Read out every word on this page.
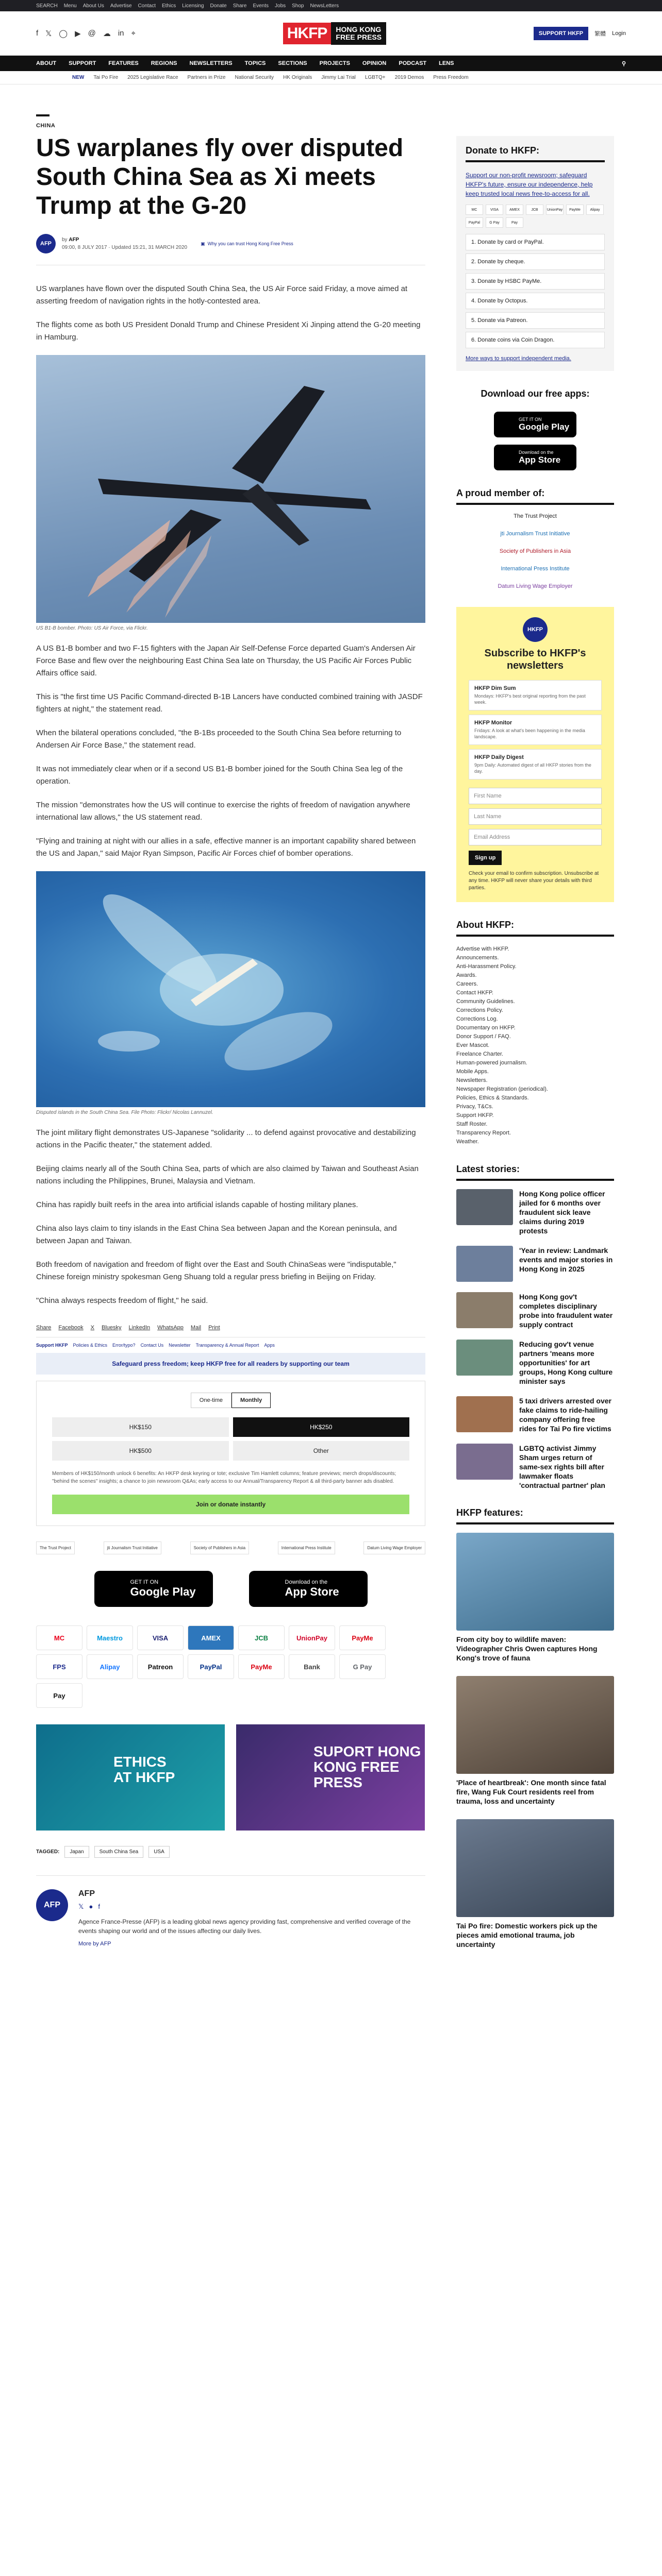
SEARCH Menu About Us Advertise Contact Ethics Licensing Donate Share Events Jobs Shop NewsLetters
f 𝕏 ◯ ▶ @ ☁ in ⌖	HKFP	HONG KONG
FREE PRESS	SUPPORT HKFP	繁體 Login
ABOUT SUPPORT FEATURES REGIONS NEWSLETTERS TOPICS SECTIONS PROJECTS OPINION PODCAST LENS	⚲
NEW Tai Po Fire 2025 Legislative Race Partners in Prize National Security HK Originals Jimmy Lai Trial LGBTQ+ 2019 Demos Press Freedom
CHINA
US warplanes fly over disputed South China Sea as Xi meets Trump at the G-20
AFP
by AFP
09:00, 8 JULY 2017 · Updated 15:21, 31 MARCH 2020
▣ Why you can trust Hong Kong Free Press

US warplanes have flown over the disputed South China Sea, the US Air Force said Friday, a move aimed at asserting freedom of navigation rights in the hotly-contested area.

The flights come as both US President Donald Trump and Chinese President Xi Jinping attend the G-20 meeting in Hamburg.

US B1-B bomber. Photo: US Air Force, via Flickr.

A US B1-B bomber and two F-15 fighters with the Japan Air Self-Defense Force departed Guam's Andersen Air Force Base and flew over the neighbouring East China Sea late on Thursday, the US Pacific Air Forces Public Affairs office said.

This is "the first time US Pacific Command-directed B-1B Lancers have conducted combined training with JASDF fighters at night," the statement read.

When the bilateral operations concluded, "the B-1Bs proceeded to the South China Sea before returning to Andersen Air Force Base," the statement read.

It was not immediately clear when or if a second US B1-B bomber joined for the South China Sea leg of the operation.

The mission "demonstrates how the US will continue to exercise the rights of freedom of navigation anywhere international law allows," the US statement read.

"Flying and training at night with our allies in a safe, effective manner is an important capability shared between the US and Japan," said Major Ryan Simpson, Pacific Air Forces chief of bomber operations.

Disputed islands in the South China Sea. File Photo: Flickr/ Nicolas Lannuzel.

The joint military flight demonstrates US-Japanese "solidarity ... to defend against provocative and destabilizing actions in the Pacific theater," the statement added.

Beijing claims nearly all of the South China Sea, parts of which are also claimed by Taiwan and Southeast Asian nations including the Philippines, Brunei, Malaysia and Vietnam.

China has rapidly built reefs in the area into artificial islands capable of hosting military planes.

China also lays claim to tiny islands in the East China Sea between Japan and the Korean peninsula, and between Japan and Taiwan.

Both freedom of navigation and freedom of flight over the East and South ChinaSeas were "indisputable," Chinese foreign ministry spokesman Geng Shuang told a regular press briefing in Beijing on Friday.

"China always respects freedom of flight," he said.

Share Facebook X Bluesky LinkedIn WhatsApp Mail Print
Support HKFP Policies & Ethics Error/typo? Contact Us Newsletter Transparency & Annual Report Apps
Safeguard press freedom; keep HKFP free for all readers by supporting our team
One-time	Monthly
HK$150	HK$250
HK$500	Other

Members of HK$150/month unlock 6 benefits: An HKFP desk keyring or tote; exclusive Tim Hamlett columns; feature previews; merch drops/discounts; "behind the scenes" insights; a chance to join newsroom Q&As; early access to our Annual/Transparency Report & all third-party banner ads disabled.

Join or donate instantly
The Trust Project	jti Journalism Trust Initiative	Society of Publishers in Asia	International Press Institute	Datum Living Wage Employer
GET IT ON
Google Play
Download on the
App Store
MC	Maestro	VISA	AMEX	JCB	UnionPay	PayMe
FPS	Alipay	Patreon	PayPal	PayMe	Bank	G Pay
Pay
ETHICS
AT HKFP
SUPORT HONG
KONG FREE
PRESS
TAGGED:	Japan	South China Sea	USA
AFP
AFP
𝕏 ● f

Agence France-Presse (AFP) is a leading global news agency providing fast, comprehensive and verified coverage of the events shaping our world and of the issues affecting our daily lives.

More by AFP
Donate to HKFP:

Support our non-profit newsroom; safeguard HKFP's future, ensure our independence, help keep trusted local news free-to-access for all.

MC	VISA	AMEX	JCB	UnionPay	PayMe	Alipay
PayPal	G Pay	Pay
1. Donate by card or PayPal.
2. Donate by cheque.
3. Donate by HSBC PayMe.
4. Donate by Octopus.
5. Donate via Patreon.
6. Donate coins via Coin Dragon.
More ways to support independent media.
Download our free apps:
GET IT ON
Google Play
Download on the
App Store
A proud member of:
The Trust Project
jti Journalism Trust Initiative
Society of Publishers in Asia
International Press Institute
Datum Living Wage Employer
HKFP
Subscribe to HKFP's newsletters
HKFP Dim Sum
Mondays: HKFP's best original reporting from the past week.
HKFP Monitor
Fridays: A look at what's been happening in the media landscape.
HKFP Daily Digest
9pm Daily: Automated digest of all HKFP stories from the day.
First Name
Last Name
Email Address
Sign up

Check your email to confirm subscription. Unsubscribe at any time. HKFP will never share your details with third parties.

About HKFP:
Advertise with HKFP.
Announcements.
Anti-Harassment Policy.
Awards.
Careers.
Contact HKFP.
Community Guidelines.
Corrections Policy.
Corrections Log.
Documentary on HKFP.
Donor Support / FAQ.
Ever Mascot.
Freelance Charter.
Human-powered journalism.
Mobile Apps.
Newsletters.
Newspaper Registration (periodical).
Policies, Ethics & Standards.
Privacy, T&Cs.
Support HKFP.
Staff Roster.
Transparency Report.
Weather.
Latest stories:
Hong Kong police officer jailed for 6 months over fraudulent sick leave claims during 2019 protests
'Year in review: Landmark events and major stories in Hong Kong in 2025
Hong Kong gov't completes disciplinary probe into fraudulent water supply contract
Reducing gov't venue partners 'means more opportunities' for art groups, Hong Kong culture minister says
5 taxi drivers arrested over fake claims to ride-hailing company offering free rides for Tai Po fire victims
LGBTQ activist Jimmy Sham urges return of same-sex rights bill after lawmaker floats 'contractual partner' plan
HKFP features:
From city boy to wildlife maven: Videographer Chris Owen captures Hong Kong's trove of fauna
'Place of heartbreak': One month since fatal fire, Wang Fuk Court residents reel from trauma, loss and uncertainty
Tai Po fire: Domestic workers pick up the pieces amid emotional trauma, job uncertainty
